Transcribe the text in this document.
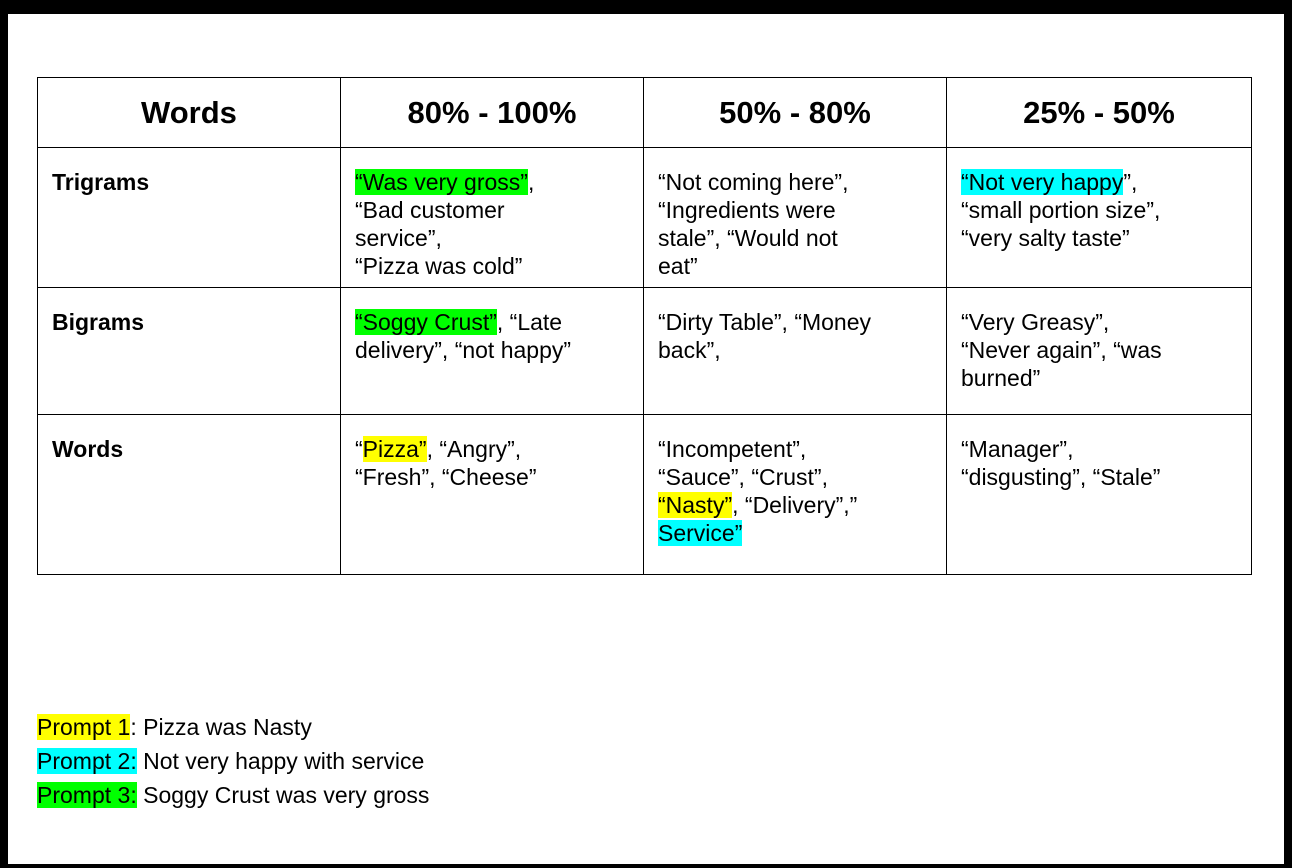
Words	80% - 100%	50% - 80%	25% - 50%
Trigrams	“Was very gross”,
“Bad customer
service”,
“Pizza was cold”	“Not coming here”,
“Ingredients were
stale”, “Would not
eat”	“Not very happy”,
“small portion size”,
“very salty taste”
Bigrams	“Soggy Crust”, “Late
delivery”, “not happy”	“Dirty Table”, “Money
back”,	“Very Greasy”,
“Never again”, “was
burned”
Words	“Pizza”, “Angry”,
“Fresh”, “Cheese”	“Incompetent”,
“Sauce”, “Crust”,
“Nasty”, “Delivery”,”
Service”	“Manager”,
“disgusting”, “Stale”
Prompt 1: Pizza was Nasty
Prompt 2: Not very happy with service
Prompt 3: Soggy Crust was very gross
